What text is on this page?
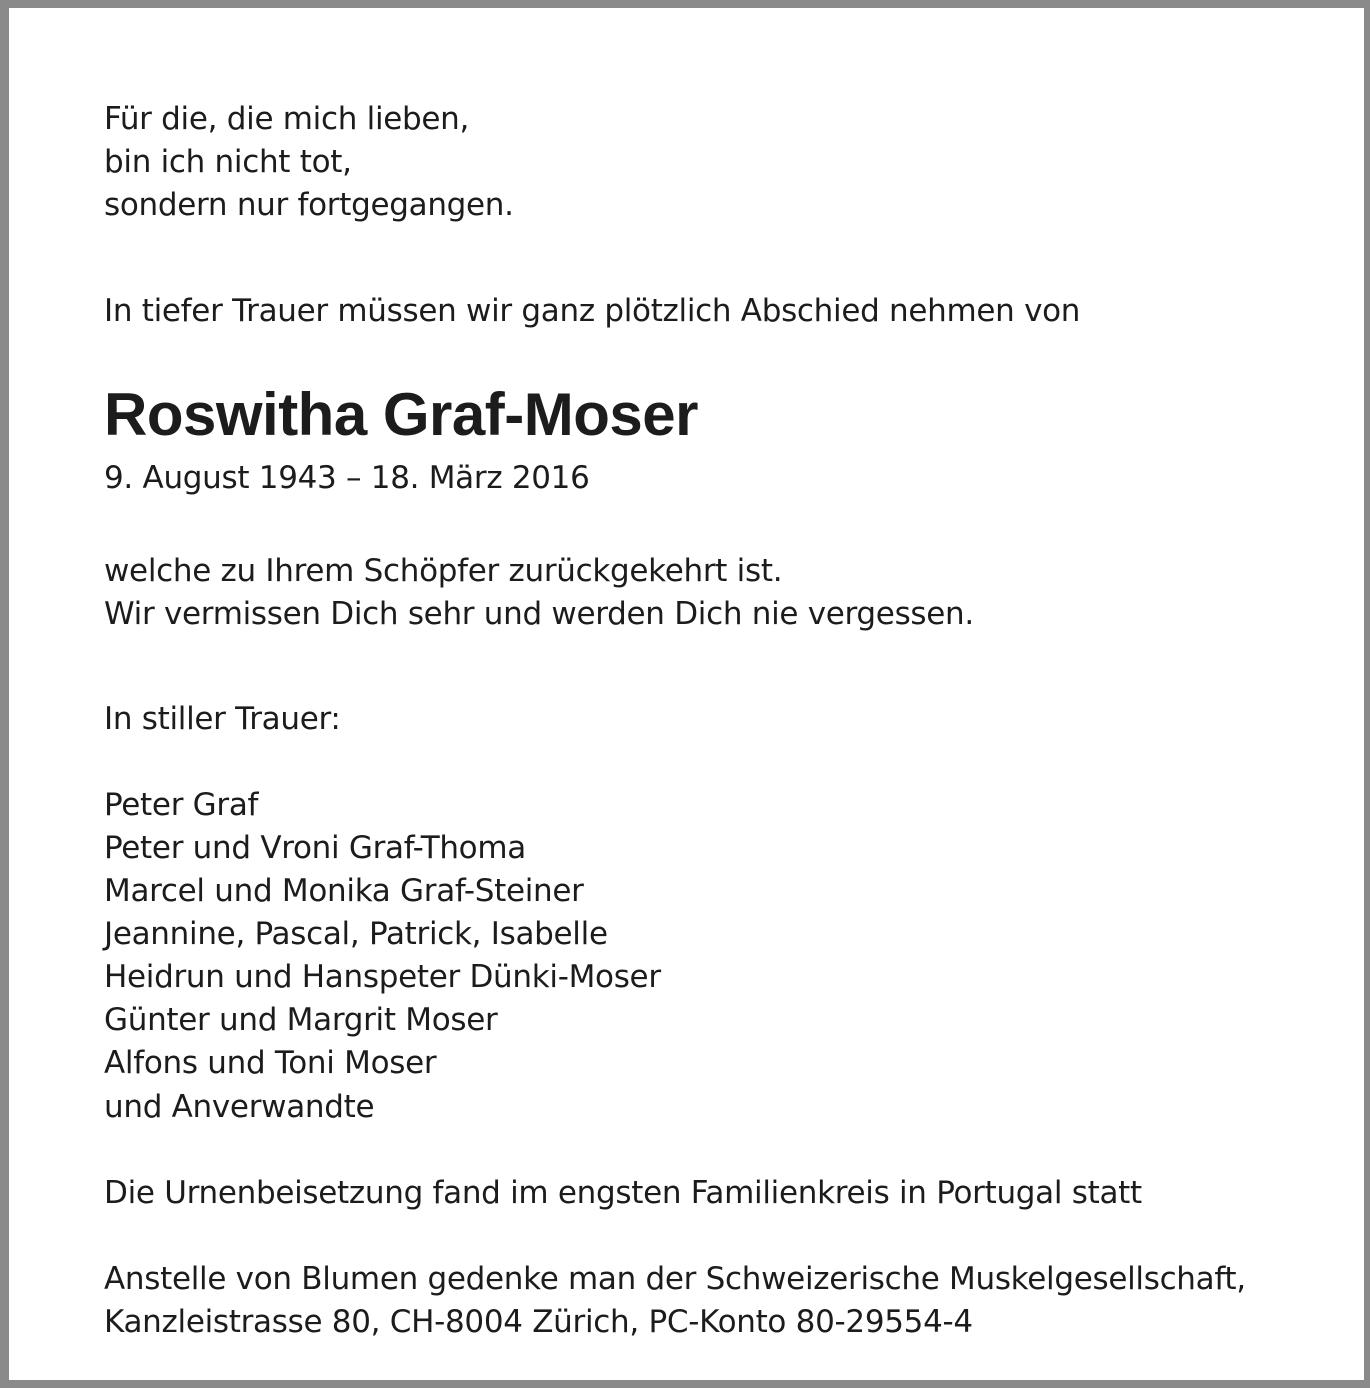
Für die, die mich lieben,
bin ich nicht tot,
sondern nur fortgegangen.
In tiefer Trauer müssen wir ganz plötzlich Abschied nehmen von
Roswitha Graf-Moser
9. August 1943 – 18. März 2016
welche zu Ihrem Schöpfer zurückgekehrt ist.
Wir vermissen Dich sehr und werden Dich nie vergessen.
In stiller Trauer:
Peter Graf
Peter und Vroni Graf-Thoma
Marcel und Monika Graf-Steiner
Jeannine, Pascal, Patrick, Isabelle
Heidrun und Hanspeter Dünki-Moser
Günter und Margrit Moser
Alfons und Toni Moser
und Anverwandte
Die Urnenbeisetzung fand im engsten Familienkreis in Portugal statt
Anstelle von Blumen gedenke man der Schweizerische Muskelgesellschaft,
Kanzleistrasse 80, CH-8004 Zürich, PC-Konto 80-29554-4
